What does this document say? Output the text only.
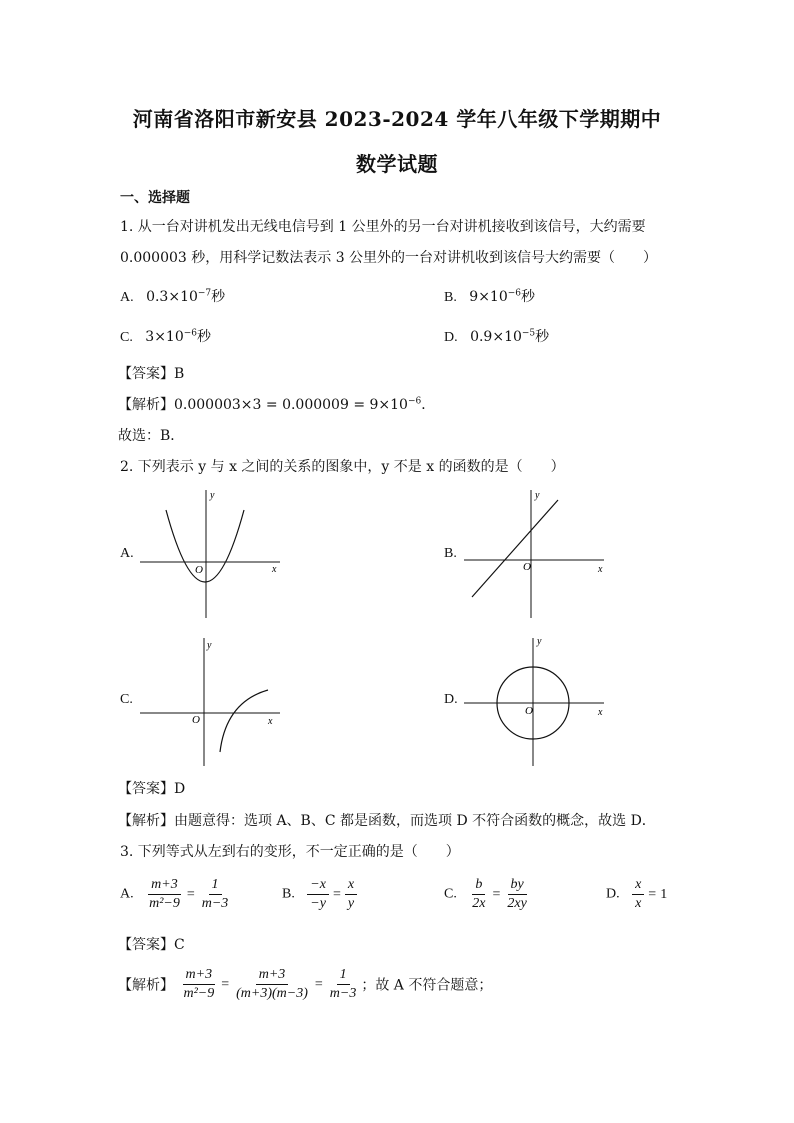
河南省洛阳市新安县 2023-2024 学年八年级下学期期中
数学试题
一、选择题
1. 从一台对讲机发出无线电信号到 1 公里外的另一台对讲机接收到该信号，大约需要
0.000003 秒，用科学记数法表示 3 公里外的一台对讲机收到该信号大约需要（　　）
A. $0.3\times 10^{-7}$秒	B. $9\times 10^{-6}$秒
C. $3\times 10^{-6}$秒	D. $0.9\times 10^{-5}$秒
【答案】B
【解析】$0.000003\times 3 = 0.000009 = 9\times 10^{-6}$．
故选：B．
2. 下列表示 y 与 x 之间的关系的图象中，y 不是 x 的函数的是（　　）
A.
y
x
O
B.
y
x
O
C.
y
x
O
D.
y
x
O
【答案】D
【解析】由题意得：选项 A、B、C 都是函数，而选项 D 不符合函数的概念，故选 D．
3. 下列等式从左到右的变形，不一定正确的是（　　）
A. $\frac{m+3}{\text{m²−9}} = \frac{1}{m-3}$	B. $\frac{-x}{-y} = \frac{x}{y}$	C. $\frac{b}{2x} = \frac{by}{2xy}$	D. $\frac{x}{x} = 1$
【答案】C
【解析】 $\frac{m+3}{\text{m²−9}} = \frac{m+3}{(m+3)(m-3)} = \frac{1}{m-3}$ ；故 A 不符合题意；
